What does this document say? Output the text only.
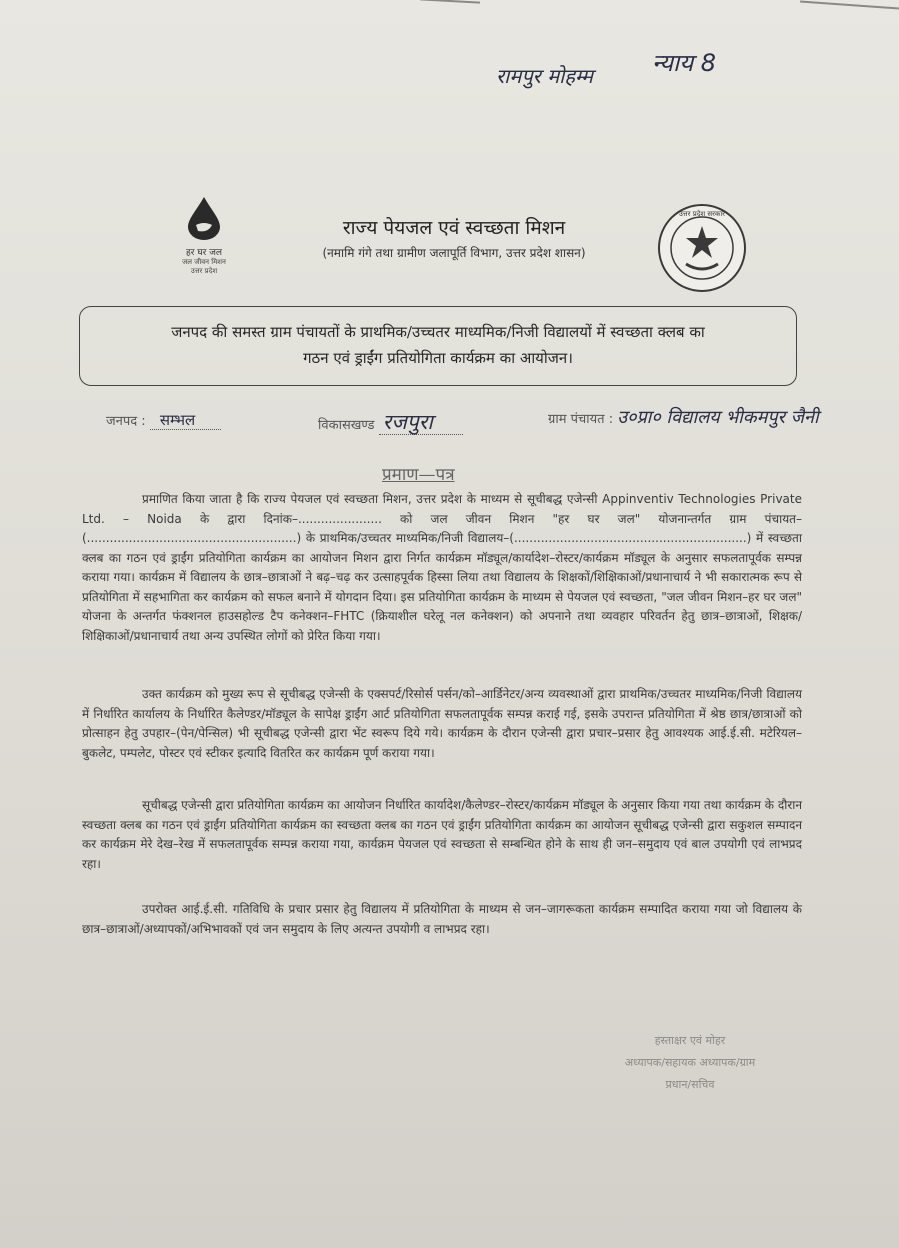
रामपुर मोहम्म न्याय 8
हर घर जल
जल जीवन मिशन
उत्तर प्रदेश
राज्य पेयजल एवं स्वच्छता मिशन
(नमामि गंगे तथा ग्रामीण जलापूर्ति विभाग, उत्तर प्रदेश शासन)
उत्तर प्रदेश सरकार
जनपद की समस्त ग्राम पंचायतों के प्राथमिक/उच्चतर माध्यमिक/निजी विद्यालयों में स्वच्छता क्लब का
गठन एवं ड्राईंग प्रतियोगिता कार्यक्रम का आयोजन।
जनपद : सम्भल	विकासखण्ड रजपुरा	ग्राम पंचायत : उ०प्रा० विद्यालय भीकमपुर जैनी
प्रमाण—पत्र
प्रमाणित किया जाता है कि राज्य पेयजल एवं स्वच्छता मिशन, उत्तर प्रदेश के माध्यम से सूचीबद्ध एजेन्सी Appinventiv Technologies Private Ltd. – Noida के द्वारा दिनांक–...................... को जल जीवन मिशन "हर घर जल" योजनान्तर्गत ग्राम पंचायत–(.......................................................) के प्राथमिक/उच्चतर माध्यमिक/निजी विद्यालय–(.............................................................) में स्वच्छता क्लब का गठन एवं ड्राईंग प्रतियोगिता कार्यक्रम का आयोजन मिशन द्वारा निर्गत कार्यक्रम मॉड्यूल/कार्यादेश–रोस्टर/कार्यक्रम मॉड्यूल के अनुसार सफलतापूर्वक सम्पन्न कराया गया। कार्यक्रम में विद्यालय के छात्र–छात्राओं ने बढ़–चढ़ कर उत्साहपूर्वक हिस्सा लिया तथा विद्यालय के शिक्षकों/शिक्षिकाओं/प्रधानाचार्य ने भी सकारात्मक रूप से प्रतियोगिता में सहभागिता कर कार्यक्रम को सफल बनाने में योगदान दिया। इस प्रतियोगिता कार्यक्रम के माध्यम से पेयजल एवं स्वच्छता, "जल जीवन मिशन–हर घर जल" योजना के अन्तर्गत फंक्शनल हाउसहोल्ड टैप कनेक्शन–FHTC (क्रियाशील घरेलू नल कनेक्शन) को अपनाने तथा व्यवहार परिवर्तन हेतु छात्र–छात्राओं, शिक्षक/शिक्षिकाओं/प्रधानाचार्य तथा अन्य उपस्थित लोगों को प्रेरित किया गया।
उक्त कार्यक्रम को मुख्य रूप से सूचीबद्ध एजेन्सी के एक्सपर्ट/रिसोर्स पर्सन/को–आर्डिनेटर/अन्य व्यवस्थाओं द्वारा प्राथमिक/उच्चतर माध्यमिक/निजी विद्यालय में निर्धारित कार्यालय के निर्धारित कैलेण्डर/मॉड्यूल के सापेक्ष ड्राईंग आर्ट प्रतियोगिता सफलतापूर्वक सम्पन्न कराई गई, इसके उपरान्त प्रतियोगिता में श्रेष्ठ छात्र/छात्राओं को प्रोत्साहन हेतु उपहार–(पेन/पेन्सिल) भी सूचीबद्ध एजेन्सी द्वारा भेंट स्वरूप दिये गये। कार्यक्रम के दौरान एजेन्सी द्वारा प्रचार–प्रसार हेतु आवश्यक आई.ई.सी. मटेरियल–बुकलेट, पम्पलेट, पोस्टर एवं स्टीकर इत्यादि वितरित कर कार्यक्रम पूर्ण कराया गया।
सूचीबद्ध एजेन्सी द्वारा प्रतियोगिता कार्यक्रम का आयोजन निर्धारित कार्यादेश/कैलेण्डर–रोस्टर/कार्यक्रम मॉड्यूल के अनुसार किया गया तथा कार्यक्रम के दौरान स्वच्छता क्लब का गठन एवं ड्राईंग प्रतियोगिता कार्यक्रम का स्वच्छता क्लब का गठन एवं ड्राईंग प्रतियोगिता कार्यक्रम का आयोजन सूचीबद्ध एजेन्सी द्वारा सकुशल सम्पादन कर कार्यक्रम मेरे देख–रेख में सफलतापूर्वक सम्पन्न कराया गया, कार्यक्रम पेयजल एवं स्वच्छता से सम्बन्धित होने के साथ ही जन–समुदाय एवं बाल उपयोगी एवं लाभप्रद रहा।
उपरोक्त आई.ई.सी. गतिविधि के प्रचार प्रसार हेतु विद्यालय में प्रतियोगिता के माध्यम से जन–जागरूकता कार्यक्रम सम्पादित कराया गया जो विद्यालय के छात्र–छात्राओं/अध्यापकों/अभिभावकों एवं जन समुदाय के लिए अत्यन्त उपयोगी व लाभप्रद रहा।
हस्ताक्षर एवं मोहर
अध्यापक/सहायक अध्यापक/ग्राम
प्रधान/सचिव
